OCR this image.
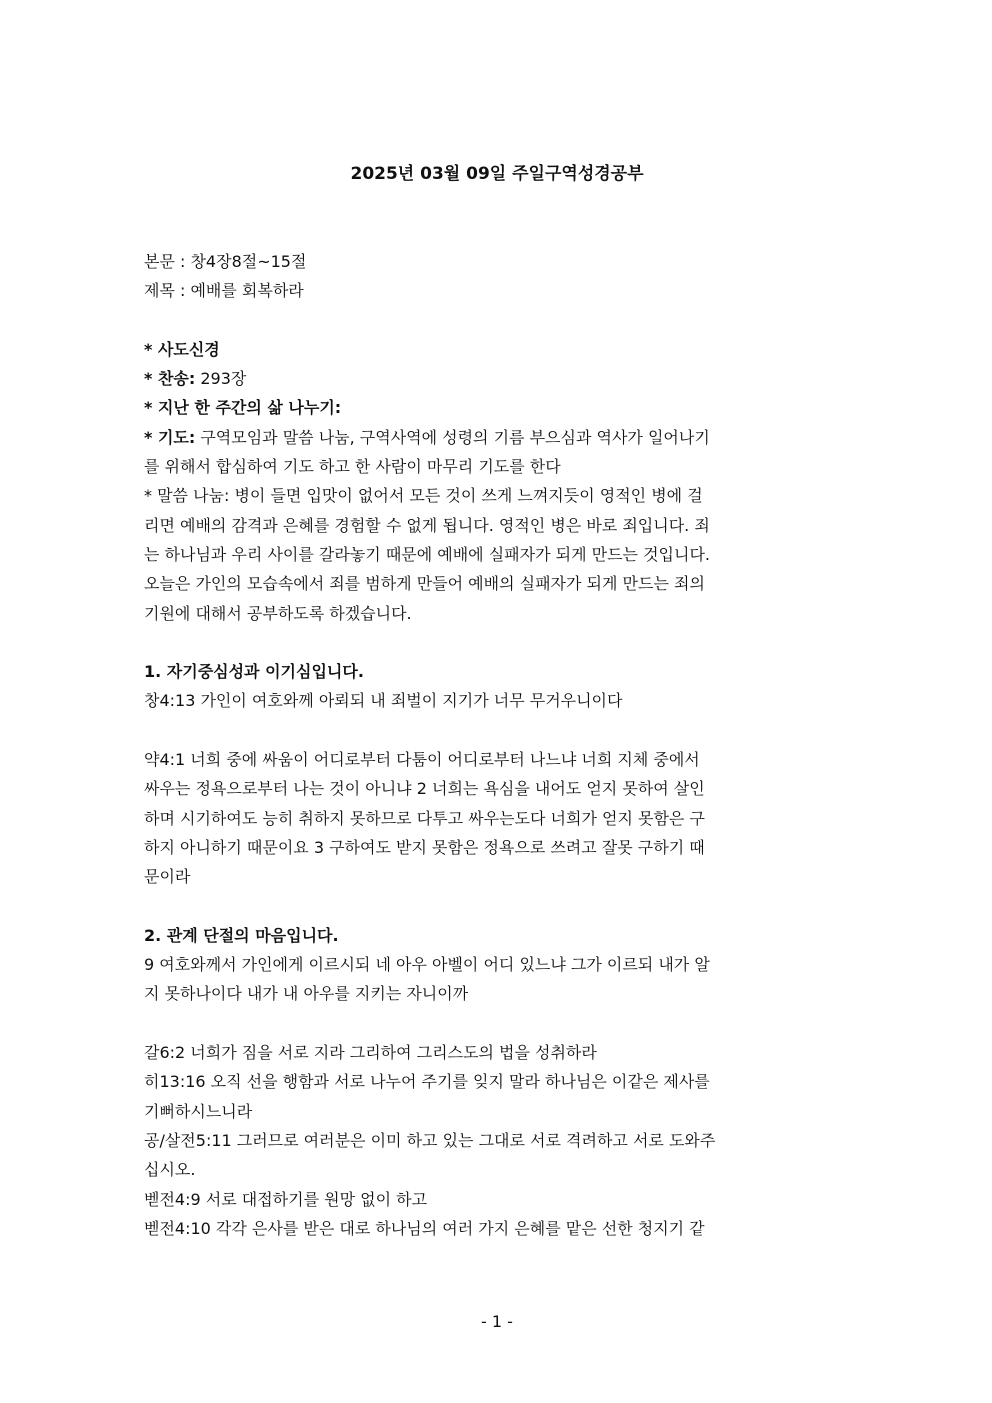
2025년 03월 09일 주일구역성경공부
본문 : 창4장8절~15절
제목 : 예배를 회복하라
* 사도신경
* 찬송: 293장
* 지난 한 주간의 삶 나누기:
* 기도: 구역모임과 말씀 나눔, 구역사역에 성령의 기름 부으심과 역사가 일어나기
를 위해서 합심하여 기도 하고 한 사람이 마무리 기도를 한다
* 말씀 나눔: 병이 들면 입맛이 없어서 모든 것이 쓰게 느껴지듯이 영적인 병에 걸
리면 예배의 감격과 은혜를 경험할 수 없게 됩니다. 영적인 병은 바로 죄입니다. 죄
는 하나님과 우리 사이를 갈라놓기 때문에 예배에 실패자가 되게 만드는 것입니다.
오늘은 가인의 모습속에서 죄를 범하게 만들어 예배의 실패자가 되게 만드는 죄의
기원에 대해서 공부하도록 하겠습니다.
1. 자기중심성과 이기심입니다.
창4:13 가인이 여호와께 아뢰되 내 죄벌이 지기가 너무 무거우니이다
약4:1 너희 중에 싸움이 어디로부터 다툼이 어디로부터 나느냐 너희 지체 중에서
싸우는 정욕으로부터 나는 것이 아니냐 2 너희는 욕심을 내어도 얻지 못하여 살인
하며 시기하여도 능히 취하지 못하므로 다투고 싸우는도다 너희가 얻지 못함은 구
하지 아니하기 때문이요 3 구하여도 받지 못함은 정욕으로 쓰려고 잘못 구하기 때
문이라
2. 관계 단절의 마음입니다.
9 여호와께서 가인에게 이르시되 네 아우 아벨이 어디 있느냐 그가 이르되 내가 알
지 못하나이다 내가 내 아우를 지키는 자니이까
갈6:2 너희가 짐을 서로 지라 그리하여 그리스도의 법을 성취하라
히13:16 오직 선을 행함과 서로 나누어 주기를 잊지 말라 하나님은 이같은 제사를
기뻐하시느니라
공/살전5:11 그러므로 여러분은 이미 하고 있는 그대로 서로 격려하고 서로 도와주
십시오.
벧전4:9 서로 대접하기를 원망 없이 하고
벧전4:10 각각 은사를 받은 대로 하나님의 여러 가지 은혜를 맡은 선한 청지기 같
- 1 -
